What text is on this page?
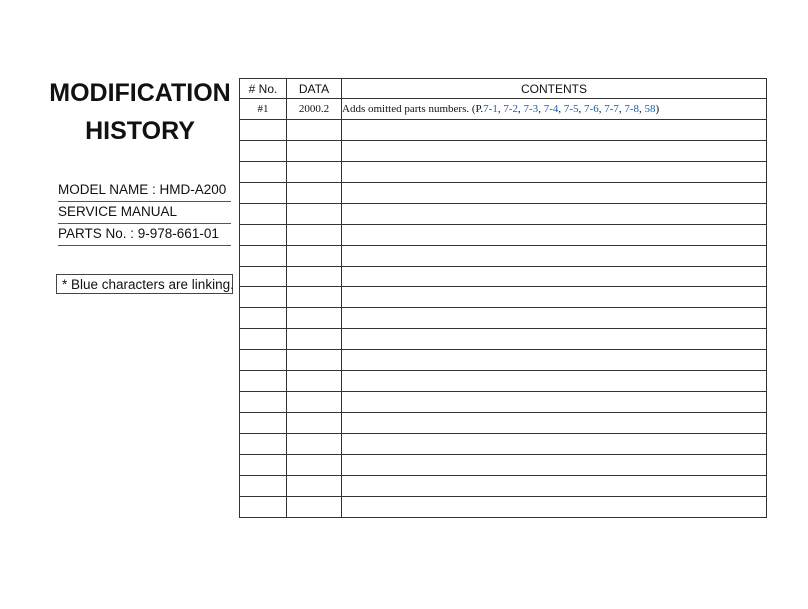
MODIFICATION
HISTORY
MODEL NAME : HMD-A200
SERVICE MANUAL
PARTS No. : 9-978-661-01
* Blue characters are linking.
# No.	DATA	CONTENTS
#1	2000.2	Adds omitted parts numbers. (P.7-1, 7-2, 7-3, 7-4, 7-5, 7-6, 7-7, 7-8, 58)
